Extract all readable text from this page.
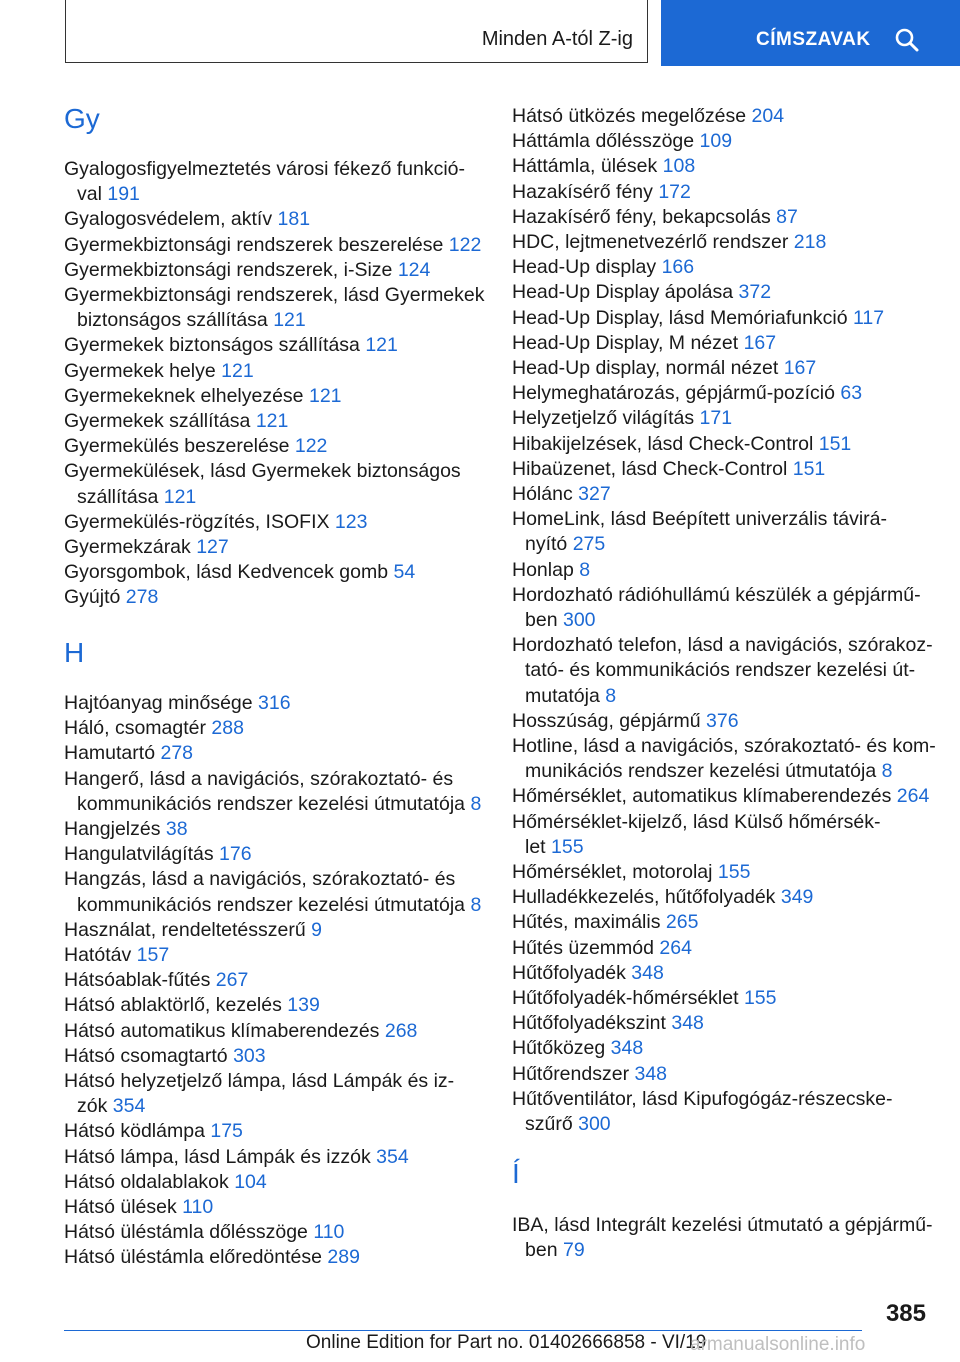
Minden A-tól Z-ig	CÍMSZAVAK
Gy
Gyalogosfigyelmeztetés városi fékező funkció-
val 191
Gyalogosvédelem, aktív 181
Gyermekbiztonsági rendszerek beszerelése 122
Gyermekbiztonsági rendszerek, i-Size 124
Gyermekbiztonsági rendszerek, lásd Gyermekek
biztonságos szállítása 121
Gyermekek biztonságos szállítása 121
Gyermekek helye 121
Gyermekeknek elhelyezése 121
Gyermekek szállítása 121
Gyermekülés beszerelése 122
Gyermekülések, lásd Gyermekek biztonságos
szállítása 121
Gyermekülés-rögzítés, ISOFIX 123
Gyermekzárak 127
Gyorsgombok, lásd Kedvencek gomb 54
Gyújtó 278
H
Hajtóanyag minősége 316
Háló, csomagtér 288
Hamutartó 278
Hangerő, lásd a navigációs, szórakoztató- és
kommunikációs rendszer kezelési útmutatója 8
Hangjelzés 38
Hangulatvilágítás 176
Hangzás, lásd a navigációs, szórakoztató- és
kommunikációs rendszer kezelési útmutatója 8
Használat, rendeltetésszerű 9
Hatótáv 157
Hátsóablak-fűtés 267
Hátsó ablaktörlő, kezelés 139
Hátsó automatikus klímaberendezés 268
Hátsó csomagtartó 303
Hátsó helyzetjelző lámpa, lásd Lámpák és iz-
zók 354
Hátsó ködlámpa 175
Hátsó lámpa, lásd Lámpák és izzók 354
Hátsó oldalablakok 104
Hátsó ülések 110
Hátsó üléstámla dőlésszöge 110
Hátsó üléstámla előredöntése 289
Hátsó ütközés megelőzése 204
Háttámla dőlésszöge 109
Háttámla, ülések 108
Hazakísérő fény 172
Hazakísérő fény, bekapcsolás 87
HDC, lejtmenetvezérlő rendszer 218
Head-Up display 166
Head-Up Display ápolása 372
Head-Up Display, lásd Memóriafunkció 117
Head-Up Display, M nézet 167
Head-Up display, normál nézet 167
Helymeghatározás, gépjármű-pozíció 63
Helyzetjelző világítás 171
Hibakijelzések, lásd Check-Control 151
Hibaüzenet, lásd Check-Control 151
Hólánc 327
HomeLink, lásd Beépített univerzális távirá-
nyító 275
Honlap 8
Hordozható rádióhullámú készülék a gépjármű-
ben 300
Hordozható telefon, lásd a navigációs, szórakoz-
tató- és kommunikációs rendszer kezelési út-
mutatója 8
Hosszúság, gépjármű 376
Hotline, lásd a navigációs, szórakoztató- és kom-
munikációs rendszer kezelési útmutatója 8
Hőmérséklet, automatikus klímaberendezés 264
Hőmérséklet-kijelző, lásd Külső hőmérsék-
let 155
Hőmérséklet, motorolaj 155
Hulladékkezelés, hűtőfolyadék 349
Hűtés, maximális 265
Hűtés üzemmód 264
Hűtőfolyadék 348
Hűtőfolyadék-hőmérséklet 155
Hűtőfolyadékszint 348
Hűtőközeg 348
Hűtőrendszer 348
Hűtőventilátor, lásd Kipufogógáz-részecske-
szűrő 300
Í
IBA, lásd Integrált kezelési útmutató a gépjármű-
ben 79
385
Online Edition for Part no. 01402666858 - VI/19
armanualsonline.info
